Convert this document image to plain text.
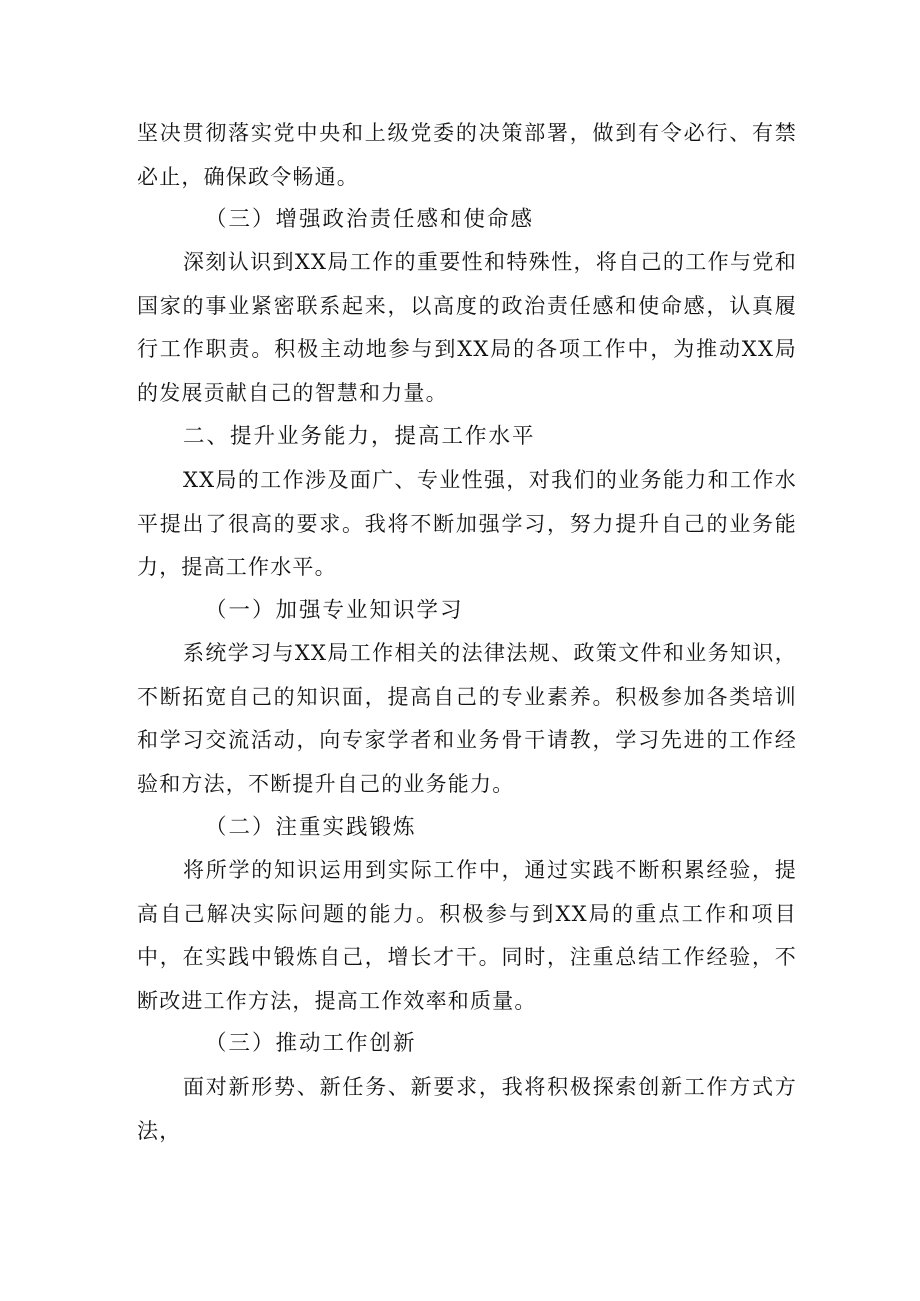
坚决贯彻落实党中央和上级党委的决策部署，做到有令必行、有禁必止，确保政令畅通。

（三）增强政治责任感和使命感

深刻认识到XX局工作的重要性和特殊性，将自己的工作与党和国家的事业紧密联系起来，以高度的政治责任感和使命感，认真履行工作职责。积极主动地参与到XX局的各项工作中，为推动XX局的发展贡献自己的智慧和力量。

二、提升业务能力，提高工作水平

XX局的工作涉及面广、专业性强，对我们的业务能力和工作水平提出了很高的要求。我将不断加强学习，努力提升自己的业务能力，提高工作水平。

（一）加强专业知识学习

系统学习与XX局工作相关的法律法规、政策文件和业务知识，不断拓宽自己的知识面，提高自己的专业素养。积极参加各类培训和学习交流活动，向专家学者和业务骨干请教，学习先进的工作经验和方法，不断提升自己的业务能力。

（二）注重实践锻炼

将所学的知识运用到实际工作中，通过实践不断积累经验，提高自己解决实际问题的能力。积极参与到XX局的重点工作和项目中，在实践中锻炼自己，增长才干。同时，注重总结工作经验，不断改进工作方法，提高工作效率和质量。

（三）推动工作创新

面对新形势、新任务、新要求，我将积极探索创新工作方式方法，
